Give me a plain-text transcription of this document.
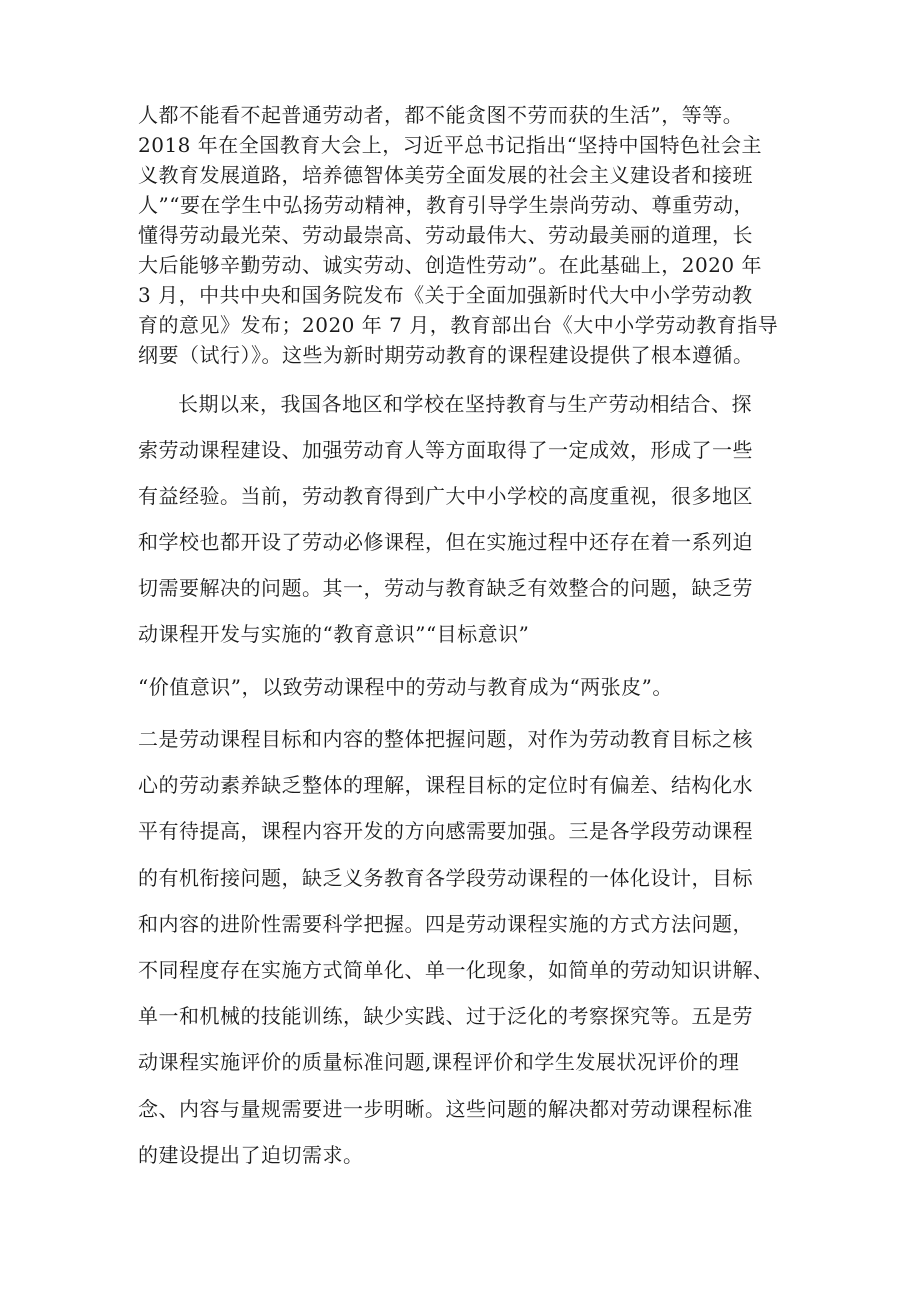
人都不能看不起普通劳动者，都不能贪图不劳而获的生活”，等等。
2018 年在全国教育大会上，习近平总书记指出“坚持中国特色社会主
义教育发展道路，培养德智体美劳全面发展的社会主义建设者和接班
人”“要在学生中弘扬劳动精神，教育引导学生崇尚劳动、尊重劳动，
懂得劳动最光荣、劳动最崇高、劳动最伟大、劳动最美丽的道理，长
大后能够辛勤劳动、诚实劳动、创造性劳动”。在此基础上，2020 年
3 月，中共中央和国务院发布《关于全面加强新时代大中小学劳动教
育的意见》发布；2020 年 7 月，教育部出台《大中小学劳动教育指导
纲要（试行）》。这些为新时期劳动教育的课程建设提供了根本遵循。
长期以来，我国各地区和学校在坚持教育与生产劳动相结合、探
索劳动课程建设、加强劳动育人等方面取得了一定成效，形成了一些
有益经验。当前，劳动教育得到广大中小学校的高度重视，很多地区
和学校也都开设了劳动必修课程，但在实施过程中还存在着一系列迫
切需要解决的问题。其一，劳动与教育缺乏有效整合的问题，缺乏劳
动课程开发与实施的“教育意识”“目标意识”
“价值意识”，以致劳动课程中的劳动与教育成为“两张皮”。
二是劳动课程目标和内容的整体把握问题，对作为劳动教育目标之核
心的劳动素养缺乏整体的理解，课程目标的定位时有偏差、结构化水
平有待提高，课程内容开发的方向感需要加强。三是各学段劳动课程
的有机衔接问题，缺乏义务教育各学段劳动课程的一体化设计，目标
和内容的进阶性需要科学把握。四是劳动课程实施的方式方法问题，
不同程度存在实施方式简单化、单一化现象，如简单的劳动知识讲解、
单一和机械的技能训练，缺少实践、过于泛化的考察探究等。五是劳
动课程实施评价的质量标准问题,课程评价和学生发展状况评价的理
念、内容与量规需要进一步明晰。这些问题的解决都对劳动课程标准
的建设提出了迫切需求。
